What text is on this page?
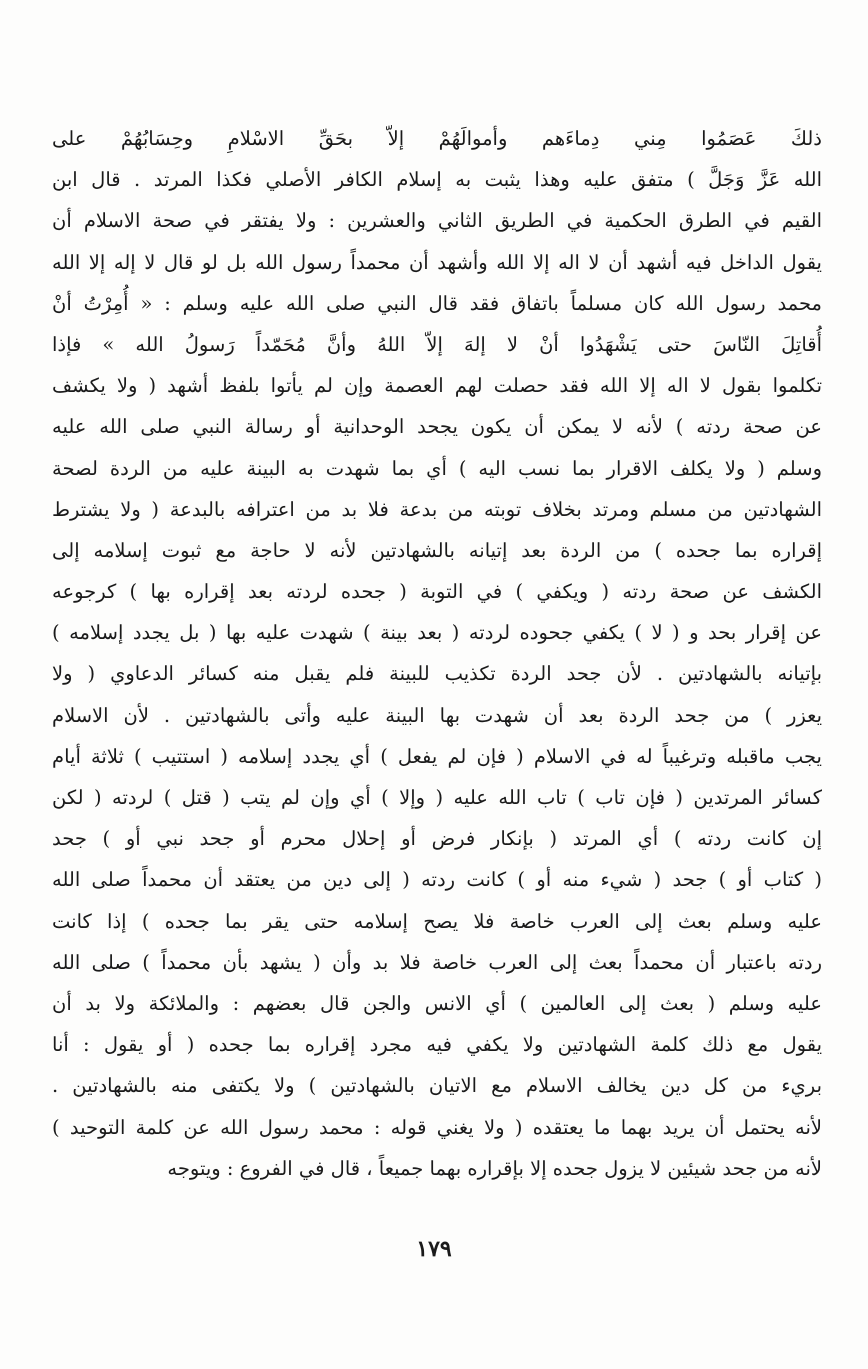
ذلكَ عَصَمُوا مِني دِماءَهم وأموالَهُمْ إلاّ بحَقِّ الاسْلامِ وحِسَابُهُمْ على
الله عَزَّ وَجَلَّ ) متفق عليه وهذا يثبت به إسلام الكافر الأصلي فكذا المرتد . قال ابن
القيم في الطرق الحكمية في الطريق الثاني والعشرين : ولا يفتقر في صحة الاسلام أن
يقول الداخل فيه أشهد أن لا اله إلا الله وأشهد أن محمداً رسول الله بل لو قال لا إله إلا الله
محمد رسول الله كان مسلماً باتفاق فقد قال النبي صلى الله عليه وسلم : « أُمِرْتُ أنْ
أُقاتِلَ النّاسَ حتى يَشْهَدُوا أنْ لا إلهَ إلاّ اللهُ وأنَّ مُحَمّداً رَسولُ الله » فإذا
تكلموا بقول لا اله إلا الله فقد حصلت لهم العصمة وإن لم يأتوا بلفظ أشهد ( ولا يكشف
عن صحة ردته ) لأنه لا يمكن أن يكون يجحد الوحدانية أو رسالة النبي صلى الله عليه
وسلم ( ولا يكلف الاقرار بما نسب اليه ) أي بما شهدت به البينة عليه من الردة لصحة
الشهادتين من مسلم ومرتد بخلاف توبته من بدعة فلا بد من اعترافه بالبدعة ( ولا يشترط
إقراره بما جحده ) من الردة بعد إتيانه بالشهادتين لأنه لا حاجة مع ثبوت إسلامه إلى
الكشف عن صحة ردته ( ويكفي ) في التوبة ( جحده لردته بعد إقراره بها ) كرجوعه
عن إقرار بحد و ( لا ) يكفي جحوده لردته ( بعد بينة ) شهدت عليه بها ( بل يجدد إسلامه )
بإتيانه بالشهادتين . لأن جحد الردة تكذيب للبينة فلم يقبل منه كسائر الدعاوي ( ولا
يعزر ) من جحد الردة بعد أن شهدت بها البينة عليه وأتى بالشهادتين . لأن الاسلام
يجب ماقبله وترغيباً له في الاسلام ( فإن لم يفعل ) أي يجدد إسلامه ( استتيب ) ثلاثة أيام
كسائر المرتدين ( فإن تاب ) تاب الله عليه ( وإلا ) أي وإن لم يتب ( قتل ) لردته ( لكن
إن كانت ردته ) أي المرتد ( بإنكار فرض أو إحلال محرم أو جحد نبي أو ) جحد
( كتاب أو ) جحد ( شيء منه أو ) كانت ردته ( إلى دين من يعتقد أن محمداً صلى الله
عليه وسلم بعث إلى العرب خاصة فلا يصح إسلامه حتى يقر بما جحده ) إذا كانت
ردته باعتبار أن محمداً بعث إلى العرب خاصة فلا بد وأن ( يشهد بأن محمداً ) صلى الله
عليه وسلم ( بعث إلى العالمين ) أي الانس والجن قال بعضهم : والملائكة ولا بد أن
يقول مع ذلك كلمة الشهادتين ولا يكفي فيه مجرد إقراره بما جحده ( أو يقول : أنا
بريء من كل دين يخالف الاسلام مع الاتيان بالشهادتين ) ولا يكتفى منه بالشهادتين .
لأنه يحتمل أن يريد بهما ما يعتقده ( ولا يغني قوله : محمد رسول الله عن كلمة التوحيد )
لأنه من جحد شيئين لا يزول جحده إلا بإقراره بهما جميعاً ، قال في الفروع : ويتوجه
١٧٩
